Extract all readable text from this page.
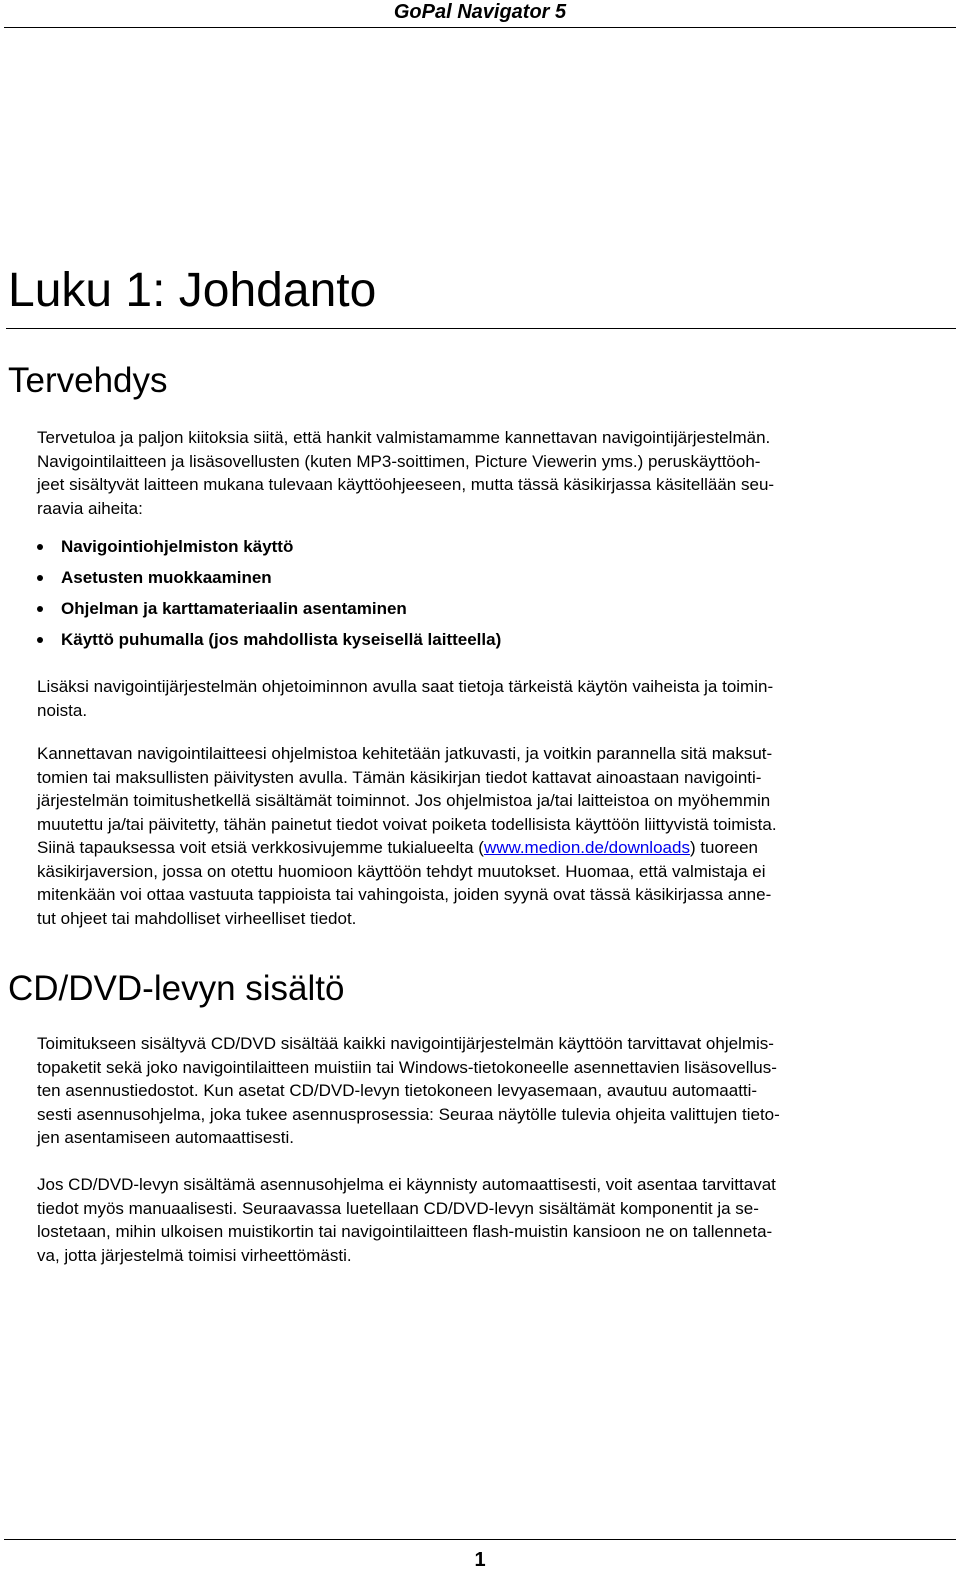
GoPal Navigator 5
Luku 1: Johdanto
Tervehdys
Tervetuloa ja paljon kiitoksia siitä, että hankit valmistamamme kannettavan navigointijärjestelmän.
Navigointilaitteen ja lisäsovellusten (kuten MP3-soittimen, Picture Viewerin yms.) peruskäyttöoh-
jeet sisältyvät laitteen mukana tulevaan käyttöohjeeseen, mutta tässä käsikirjassa käsitellään seu-
raavia aiheita:
Navigointiohjelmiston käyttö
Asetusten muokkaaminen
Ohjelman ja karttamateriaalin asentaminen
Käyttö puhumalla (jos mahdollista kyseisellä laitteella)
Lisäksi navigointijärjestelmän ohjetoiminnon avulla saat tietoja tärkeistä käytön vaiheista ja toimin-
noista.
Kannettavan navigointilaitteesi ohjelmistoa kehitetään jatkuvasti, ja voitkin parannella sitä maksut-
tomien tai maksullisten päivitysten avulla. Tämän käsikirjan tiedot kattavat ainoastaan navigointi-
järjestelmän toimitushetkellä sisältämät toiminnot. Jos ohjelmistoa ja/tai laitteistoa on myöhemmin
muutettu ja/tai päivitetty, tähän painetut tiedot voivat poiketa todellisista käyttöön liittyvistä toimista.
Siinä tapauksessa voit etsiä verkkosivujemme tukialueelta (www.medion.de/downloads) tuoreen
käsikirjaversion, jossa on otettu huomioon käyttöön tehdyt muutokset. Huomaa, että valmistaja ei
mitenkään voi ottaa vastuuta tappioista tai vahingoista, joiden syynä ovat tässä käsikirjassa anne-
tut ohjeet tai mahdolliset virheelliset tiedot.
CD/DVD-levyn sisältö
Toimitukseen sisältyvä CD/DVD sisältää kaikki navigointijärjestelmän käyttöön tarvittavat ohjelmis-
topaketit sekä joko navigointilaitteen muistiin tai Windows-tietokoneelle asennettavien lisäsovellus-
ten asennustiedostot. Kun asetat CD/DVD-levyn tietokoneen levyasemaan, avautuu automaatti-
sesti asennusohjelma, joka tukee asennusprosessia: Seuraa näytölle tulevia ohjeita valittujen tieto-
jen asentamiseen automaattisesti.
Jos CD/DVD-levyn sisältämä asennusohjelma ei käynnisty automaattisesti, voit asentaa tarvittavat
tiedot myös manuaalisesti. Seuraavassa luetellaan CD/DVD-levyn sisältämät komponentit ja se-
lostetaan, mihin ulkoisen muistikortin tai navigointilaitteen flash-muistin kansioon ne on tallenneta-
va, jotta järjestelmä toimisi virheettömästi.
1
